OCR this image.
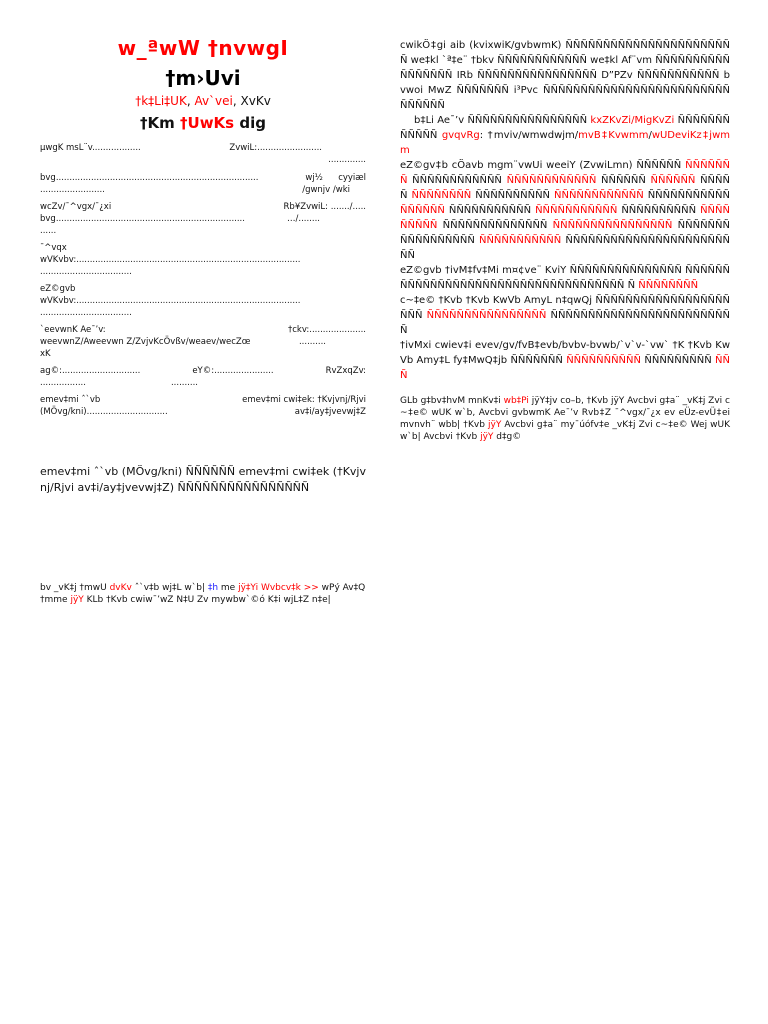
w_ªwW †nvwgI
†m›Uvi
†k‡Li‡UK, Av`vei, XvKv
†Km †UwKs dig
µwgK msL¨v..................	ZvwiL:........................
..............
bvg...........................................................................	wj½ cyyiæl
........................	/gwnjv /wki
wcZv/¯^vgx/¯¿xi	Rb¥ZvwiL: ......./.....
bvg......................................................................	…/........
......
¯^vqx
wVKvbv:...................................................................................
..................................
eZ©gvb
wVKvbv:...................................................................................
..................................
`eevwnK Ae¯’v:	†ckv:.....................
weevwnZ/Aweevwn Z/ZvjvKcÖvßv/weaev/wecZœ	..........
xK
ag©:.............................	eY©:......................	RvZxqZv:
.................	..........
emev‡mi ˆ`vb	emev‡mi cwi‡ek: †Kvjvnj/Rjvi
(MÖvg/kni)..............................	av‡i/ay‡jvevwj‡Z
emev‡mi ˆ`vb (MÖvg/kni) ÑÑÑÑÑÑ emev‡mi cwi‡ek (†Kvjvnj/Rjvi av‡i/ay‡jvevwj‡Z) ÑÑÑÑÑÑÑÑÑÑÑÑÑÑÑÑ
bv _vK‡j †mwU dvKv ˆ`v‡b wj‡L w`b| ‡h me jÿ‡Yi Wvbcv‡k >> wPý Av‡Q †mme jÿY KLb †Kvb cwiw¯’wZ N‡U Zv mywbw`©ó K‡i wjL‡Z n‡e|
cwikÖ‡gi aib (kvixwiK/gvbwmK) ÑÑÑÑÑÑÑÑÑÑÑÑÑÑÑÑÑÑÑÑÑÑÑ we‡kl `ª‡e¨ †bkv ÑÑÑÑÑÑÑÑÑÑÑÑ we‡kl Af¨vm ÑÑÑÑÑÑÑÑÑÑÑÑÑÑÑÑÑ IRb ÑÑÑÑÑÑÑÑÑÑÑÑÑÑÑÑ D”PZv ÑÑÑÑÑÑÑÑÑÑÑ bvwoi MwZ ÑÑÑÑÑÑÑ i³Pvc ÑÑÑÑÑÑÑÑÑÑÑÑÑÑÑÑÑÑÑÑÑÑÑÑÑÑÑÑÑÑÑ
b‡Li Ae¯’v ÑÑÑÑÑÑÑÑÑÑÑÑÑÑÑÑ kxZKvZi/MigKvZi ÑÑÑÑÑÑÑÑÑÑÑÑ gvqvRg: †mviv/wmwdwjm/mvB‡Kvwmm/wUDeviKz‡jwmm
eZ©gv‡b cÖavb mgm¨vwUi weeiY (ZvwiLmn) ÑÑÑÑÑÑ ÑÑÑÑÑÑÑ ÑÑÑÑÑÑÑÑÑÑÑÑ ÑÑÑÑÑÑÑÑÑÑÑÑ ÑÑÑÑÑÑ ÑÑÑÑÑÑ ÑÑÑÑÑ ÑÑÑÑÑÑÑÑ ÑÑÑÑÑÑÑÑÑÑ ÑÑÑÑÑÑÑÑÑÑÑÑ ÑÑÑÑÑÑÑÑÑÑÑ ÑÑÑÑÑÑ ÑÑÑÑÑÑÑÑÑÑÑ ÑÑÑÑÑÑÑÑÑÑÑ ÑÑÑÑÑÑÑÑÑÑ ÑÑÑÑÑÑÑÑÑ ÑÑÑÑÑÑÑÑÑÑÑÑÑÑ ÑÑÑÑÑÑÑÑÑÑÑÑÑÑÑÑ ÑÑÑÑÑÑÑÑÑÑÑÑÑÑÑÑÑ ÑÑÑÑÑÑÑÑÑÑÑ ÑÑÑÑÑÑÑÑÑÑÑÑÑÑÑÑÑÑÑÑÑÑÑÑ
eZ©gvb †ivM‡fv‡Mi m¤¢ve¨ KviY ÑÑÑÑÑÑÑÑÑÑÑÑÑÑÑ ÑÑÑÑÑÑÑÑÑÑÑÑÑÑÑÑÑÑÑÑÑÑÑÑÑÑÑÑÑÑÑÑÑÑÑÑ Ñ ÑÑÑÑÑÑÑÑ
c~‡e© †Kvb †Kvb KwVb AmyL n‡qwQj ÑÑÑÑÑÑÑÑÑÑÑÑÑÑÑÑÑÑÑÑÑ ÑÑÑÑÑÑÑÑÑÑÑÑÑÑÑÑ ÑÑÑÑÑÑÑÑÑÑÑÑÑÑÑÑÑÑÑÑÑÑÑÑÑ
†ivMxi cwiev‡i evev/gv/fvB‡evb/bvbv-bvwb/`v`v-`vw` †K †Kvb KwVb Amy‡L fy‡MwQ‡jb ÑÑÑÑÑÑÑ ÑÑÑÑÑÑÑÑÑÑ ÑÑÑÑÑÑÑÑÑ ÑÑÑ
GLb g‡bv‡hvM mnKv‡i wb‡Pi jÿY‡jv co–b, †Kvb jÿY Avcbvi g‡a¨ _vK‡j Zvi c~‡e© wUK w`b, Avcbvi gvbwmK Ae¯’v Rvb‡Z ¯^vgx/¯¿x ev eÜz-evÜ‡ei mvnvh¨ wbb| †Kvb jÿY Avcbvi g‡a¨ my¯úófv‡e _vK‡j Zvi c~‡e© Wej wUK w`b| Avcbvi †Kvb jÿY d‡g©
